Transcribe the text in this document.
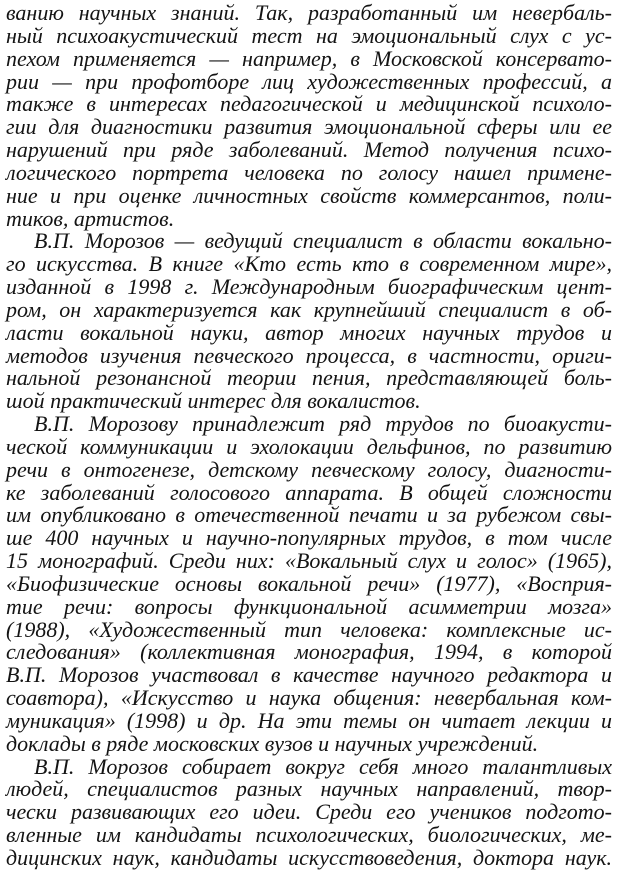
ванию научных знаний. Так, разработанный им невербаль-
ный психоакустический тест на эмоциональный слух с ус-
пехом применяется — например, в Московской консервато-
рии — при профотборе лиц художественных профессий, а
также в интересах педагогической и медицинской психоло-
гии для диагностики развития эмоциональной сферы или ее
нарушений при ряде заболеваний. Метод получения психо-
логического портрета человека по голосу нашел примене-
ние и при оценке личностных свойств коммерсантов, поли-
тиков, артистов.
В.П. Морозов — ведущий специалист в области вокально-
го искусства. В книге «Кто есть кто в современном мире»,
изданной в 1998 г. Международным биографическим цент-
ром, он характеризуется как крупнейший специалист в об-
ласти вокальной науки, автор многих научных трудов и
методов изучения певческого процесса, в частности, ориги-
нальной резонансной теории пения, представляющей боль-
шой практический интерес для вокалистов.
В.П. Морозову принадлежит ряд трудов по биоакусти-
ческой коммуникации и эхолокации дельфинов, по развитию
речи в онтогенезе, детскому певческому голосу, диагности-
ке заболеваний голосового аппарата. В общей сложности
им опубликовано в отечественной печати и за рубежом свы-
ше 400 научных и научно-популярных трудов, в том числе
15 монографий. Среди них: «Вокальный слух и голос» (1965),
«Биофизические основы вокальной речи» (1977), «Восприя-
тие речи: вопросы функциональной асимметрии мозга»
(1988), «Художественный тип человека: комплексные ис-
следования» (коллективная монография, 1994, в которой
В.П. Морозов участвовал в качестве научного редактора и
соавтора), «Искусство и наука общения: невербальная ком-
муникация» (1998) и др. На эти темы он читает лекции и
доклады в ряде московских вузов и научных учреждений.
В.П. Морозов собирает вокруг себя много талантливых
людей, специалистов разных научных направлений, твор-
чески развивающих его идеи. Среди его учеников подгото-
вленные им кандидаты психологических, биологических, ме-
дицинских наук, кандидаты искусствоведения, доктора наук.
